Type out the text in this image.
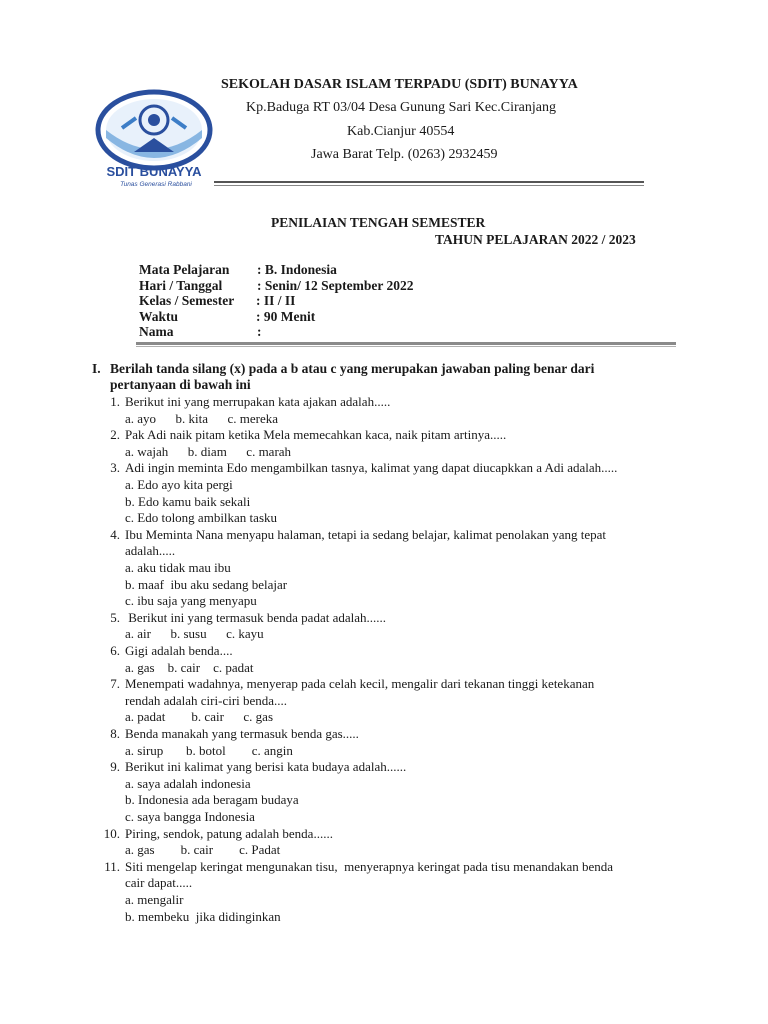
SDIT BUNAYYA
Tunas Generasi Rabbani
SEKOLAH DASAR ISLAM TERPADU (SDIT) BUNAYYA
Kp.Baduga RT 03/04 Desa Gunung Sari Kec.Ciranjang
Kab.Cianjur 40554
Jawa Barat Telp. (0263) 2932459
PENILAIAN TENGAH SEMESTER
TAHUN PELAJARAN 2022 / 2023
Mata Pelajaran : B. Indonesia
Hari / Tanggal	: Senin/ 12 September 2022
Kelas / Semester : II / II
Waktu	: 90 Menit
Nama	:
I. Berilah tanda silang (x) pada a b atau c yang merupakan jawaban paling benar dari
pertanyaan di bawah ini
1. Berikut ini yang merrupakan kata ajakan adalah.....
a. ayo      b. kita      c. mereka
2. Pak Adi naik pitam ketika Mela memecahkan kaca, naik pitam artinya.....
a. wajah      b. diam      c. marah
3. Adi ingin meminta Edo mengambilkan tasnya, kalimat yang dapat diucapkkan a Adi adalah.....
a. Edo ayo kita pergi
b. Edo kamu baik sekali
c. Edo tolong ambilkan tasku
4. Ibu Meminta Nana menyapu halaman, tetapi ia sedang belajar, kalimat penolakan yang tepat
adalah.....
a. aku tidak mau ibu
b. maaf  ibu aku sedang belajar
c. ibu saja yang menyapu
5. Berikut ini yang termasuk benda padat adalah......
a. air      b. susu      c. kayu
6. Gigi adalah benda....
a. gas    b. cair    c. padat
7. Menempati wadahnya, menyerap pada celah kecil, mengalir dari tekanan tinggi ketekanan
rendah adalah ciri-ciri benda....
a. padat        b. cair      c. gas
8. Benda manakah yang termasuk benda gas.....
a. sirup       b. botol        c. angin
9. Berikut ini kalimat yang berisi kata budaya adalah......
a. saya adalah indonesia
b. Indonesia ada beragam budaya
c. saya bangga Indonesia
10. Piring, sendok, patung adalah benda......
a. gas        b. cair        c. Padat
11. Siti mengelap keringat mengunakan tisu,  menyerapnya keringat pada tisu menandakan benda
cair dapat.....
a. mengalir
b. membeku  jika didinginkan
